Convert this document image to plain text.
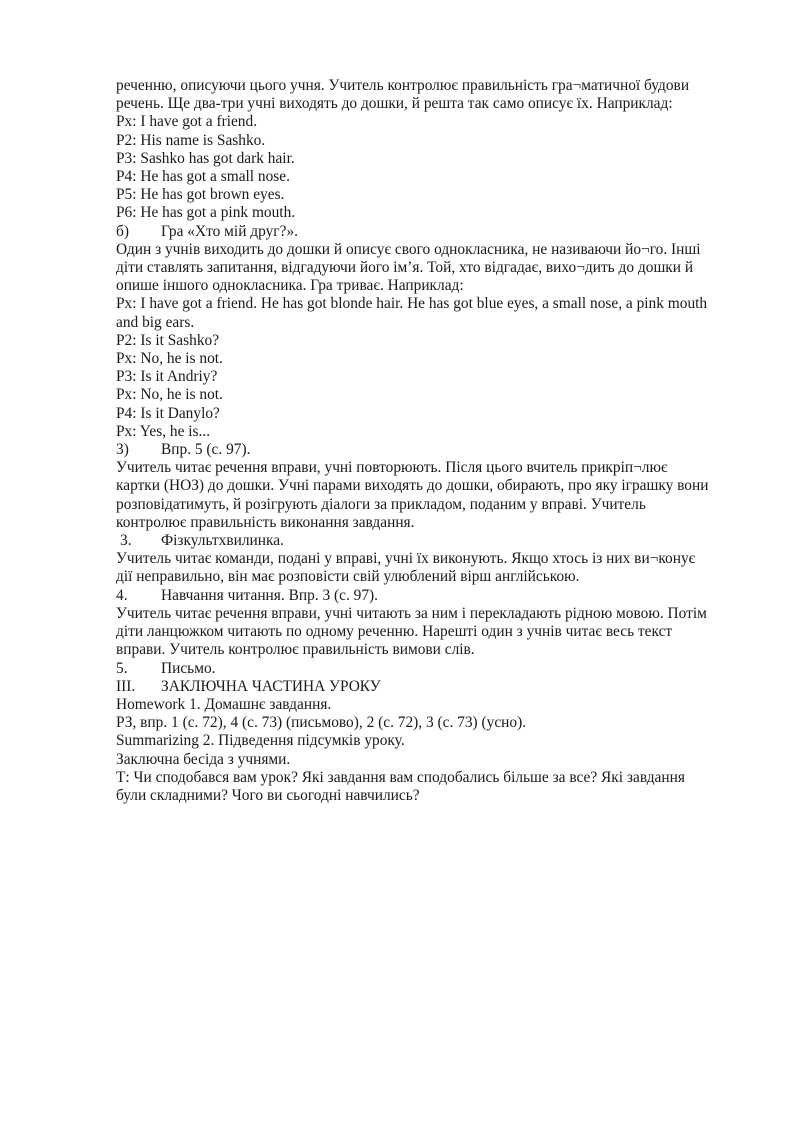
реченню, описуючи цього учня. Учитель контролює правильність гра¬матичної будови

речень. Ще два-три учні виходять до дошки, й решта так само описує їх. Наприклад:

Px: I have got a friend.

P2: His name is Sashko.

P3: Sashko has got dark hair.

P4: He has got a small nose.

P5: He has got brown eyes.

P6: He has got a pink mouth.

б) Гра «Хто мій друг?».

Один з учнів виходить до дошки й описує свого однокласника, не називаючи йо¬го. Інші

діти ставлять запитання, відгадуючи його ім’я. Той, хто відгадає, вихо¬дить до дошки й

опише іншого однокласника. Гра триває. Наприклад:

Px: I have got a friend. He has got blonde hair. He has got blue eyes, a small nose, a pink mouth

and big ears.

P2: Is it Sashko?

Px: No, he is not.

P3: Is it Andriy?

Px: No, he is not.

P4: Is it Danylo?

Px: Yes, he is...

3) Впр. 5 (с. 97).

Учитель читає речення вправи, учні повторюють. Після цього вчитель прикріп¬лює

картки (НОЗ) до дошки. Учні парами виходять до дошки, обирають, про яку іграшку вони

розповідатимуть, й розігрують діалоги за прикладом, поданим у вправі. Учитель

контролює правильність виконання завдання.

3. Фізкультхвилинка.

Учитель читає команди, подані у вправі, учні їх виконують. Якщо хтось із них ви¬конує

дії неправильно, він має розповісти свій улюблений вірш англійською.

4. Навчання читання. Впр. 3 (с. 97).

Учитель читає речення вправи, учні читають за ним і перекладають рідною мовою. Потім

діти ланцюжком читають по одному реченню. Нарешті один з учнів читає весь текст

вправи. Учитель контролює правильність вимови слів.

5. Письмо.

ІІІ. ЗАКЛЮЧНА ЧАСТИНА УРОКУ

Homework 1. Домашнє завдання.

РЗ, впр. 1 (с. 72), 4 (с. 73) (письмово), 2 (с. 72), 3 (с. 73) (усно).

Summarizing 2. Підведення підсумків уроку.

Заключна бесіда з учнями.

Т: Чи сподобався вам урок? Які завдання вам сподобались більше за все? Які завдання

були складними? Чого ви сьогодні навчились?
